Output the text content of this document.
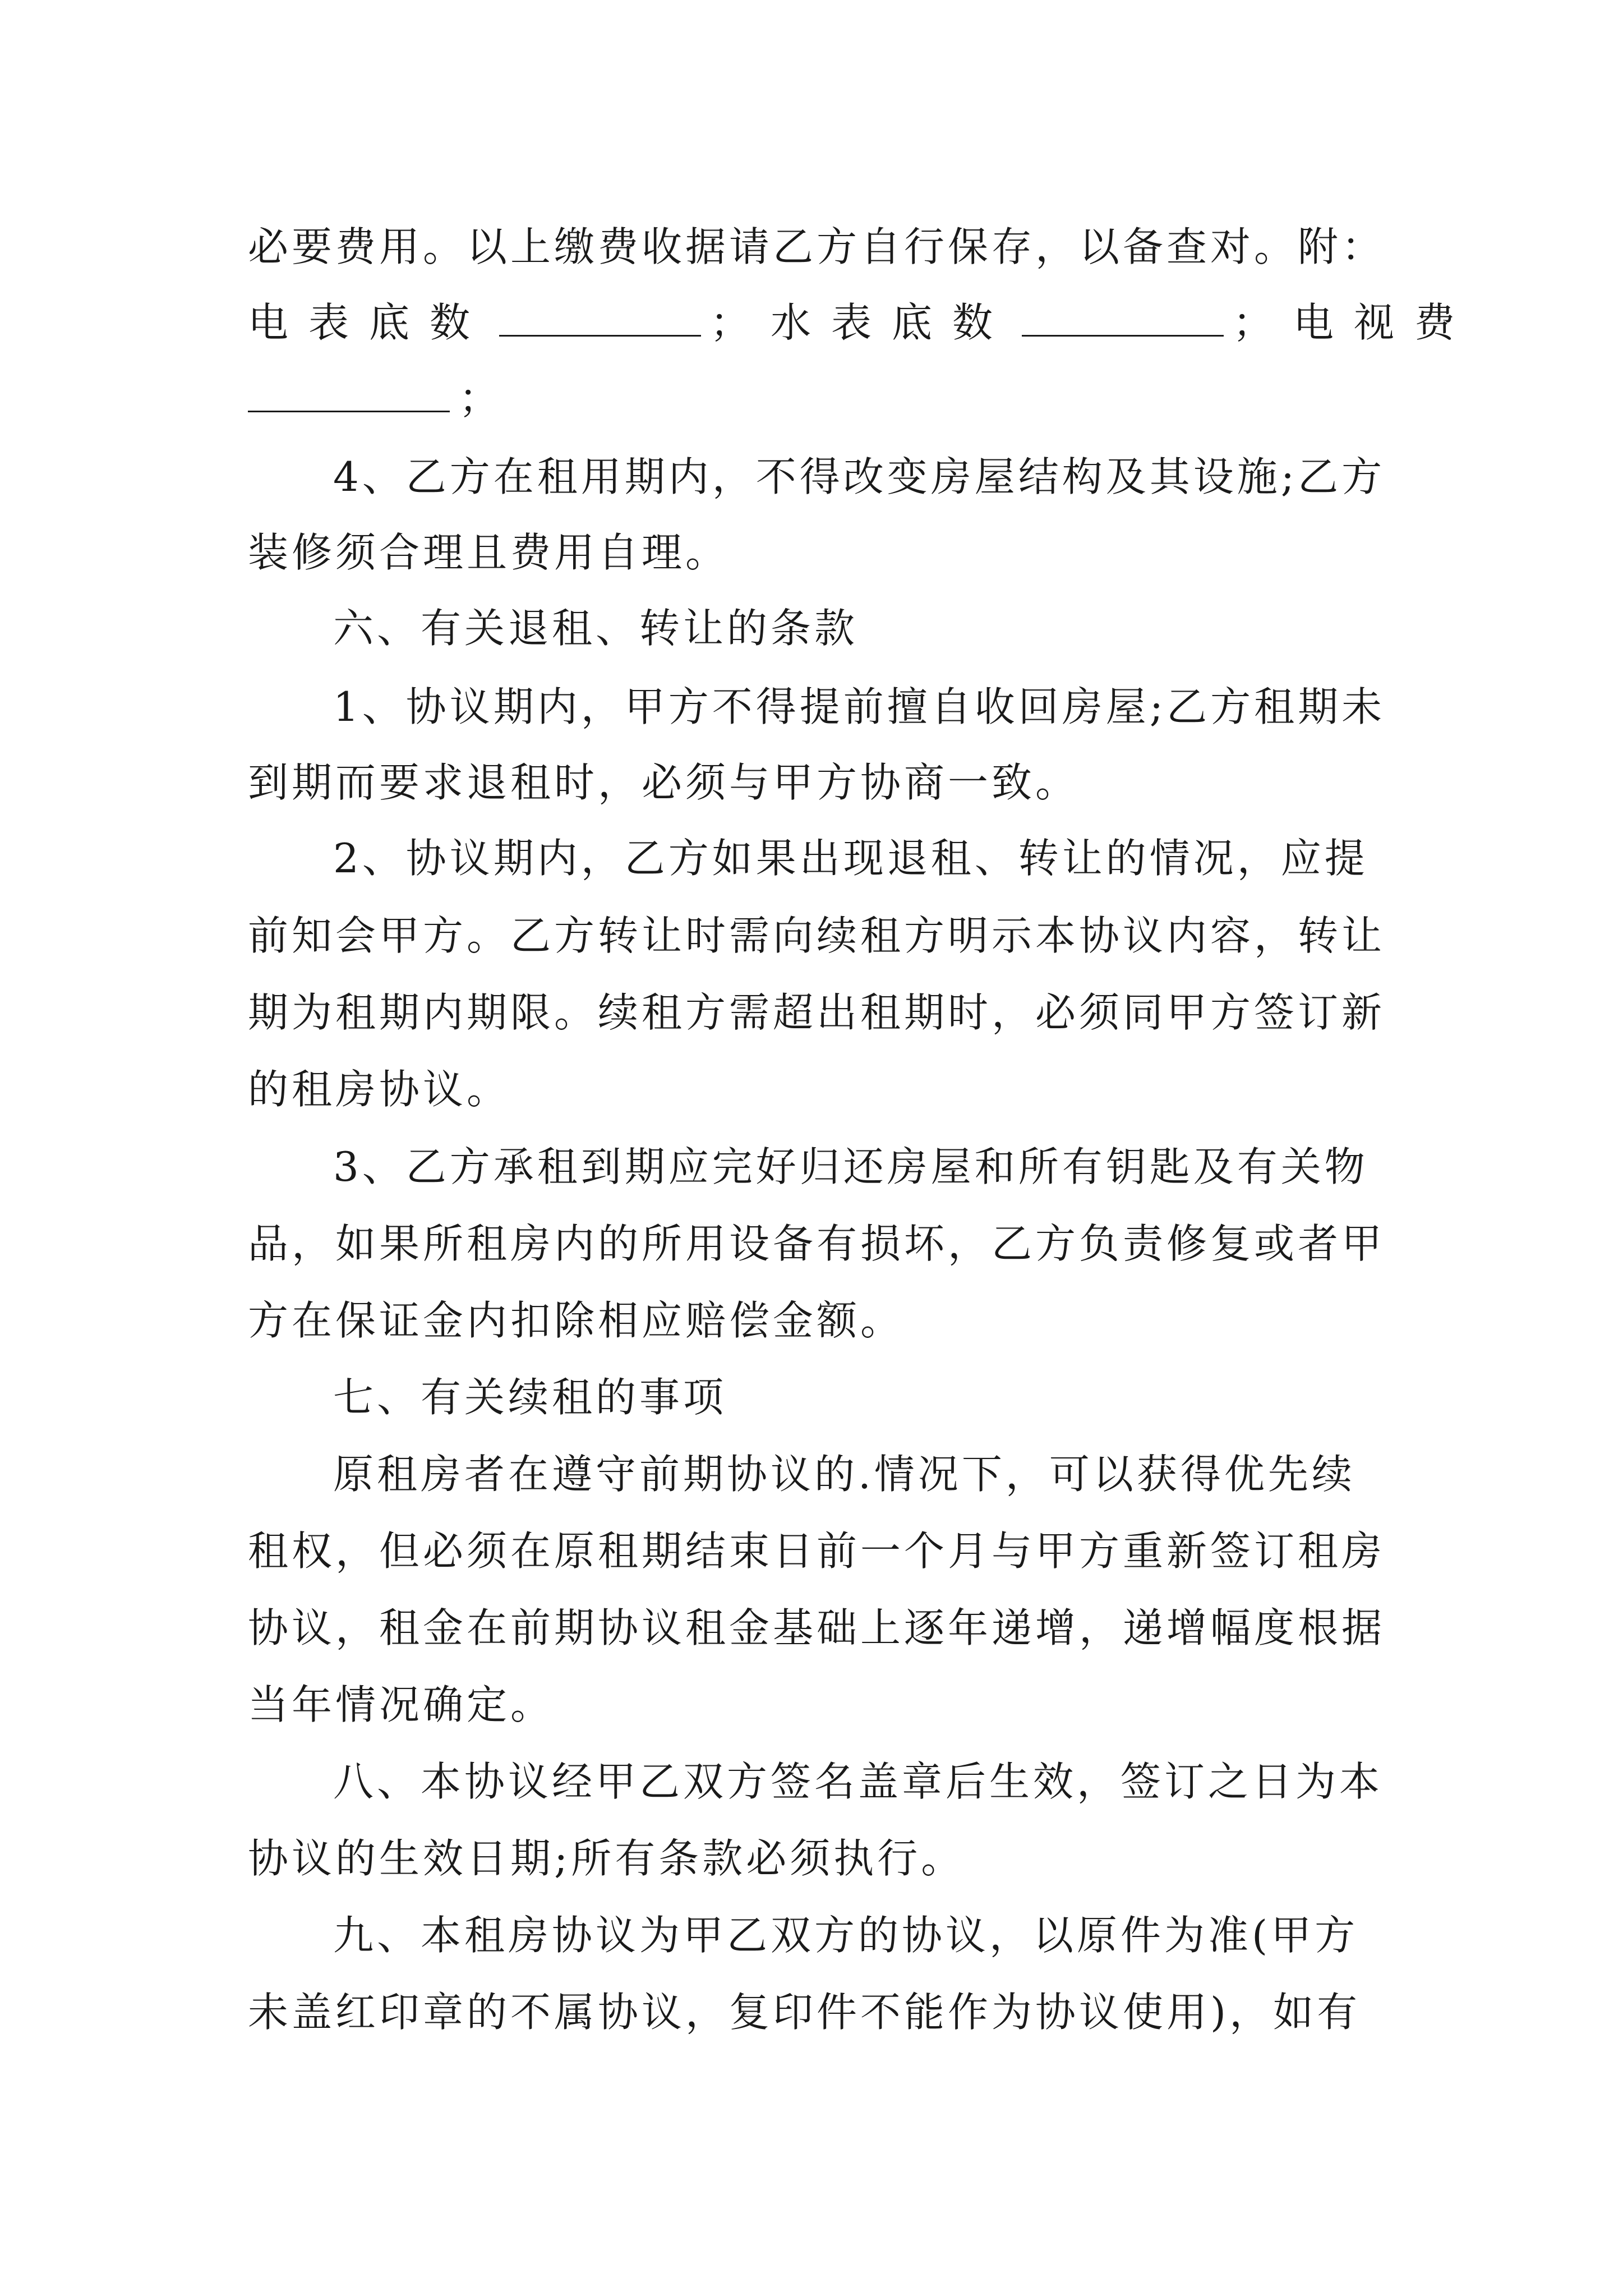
必要费用。以上缴费收据请乙方自行保存，以备查对。附：
电表底数	；水表底数	；电视费
；
4、乙方在租用期内，不得改变房屋结构及其设施;乙方
装修须合理且费用自理。
六、有关退租、转让的条款
1、协议期内，甲方不得提前擅自收回房屋;乙方租期未
到期而要求退租时，必须与甲方协商一致。
2、协议期内，乙方如果出现退租、转让的情况，应提
前知会甲方。乙方转让时需向续租方明示本协议内容，转让
期为租期内期限。续租方需超出租期时，必须同甲方签订新
的租房协议。
3、乙方承租到期应完好归还房屋和所有钥匙及有关物
品，如果所租房内的所用设备有损坏，乙方负责修复或者甲
方在保证金内扣除相应赔偿金额。
七、有关续租的事项
原租房者在遵守前期协议的.情况下，可以获得优先续
租权，但必须在原租期结束日前一个月与甲方重新签订租房
协议，租金在前期协议租金基础上逐年递增，递增幅度根据
当年情况确定。
八、本协议经甲乙双方签名盖章后生效，签订之日为本
协议的生效日期;所有条款必须执行。
九、本租房协议为甲乙双方的协议，以原件为准(甲方
未盖红印章的不属协议，复印件不能作为协议使用)，如有
